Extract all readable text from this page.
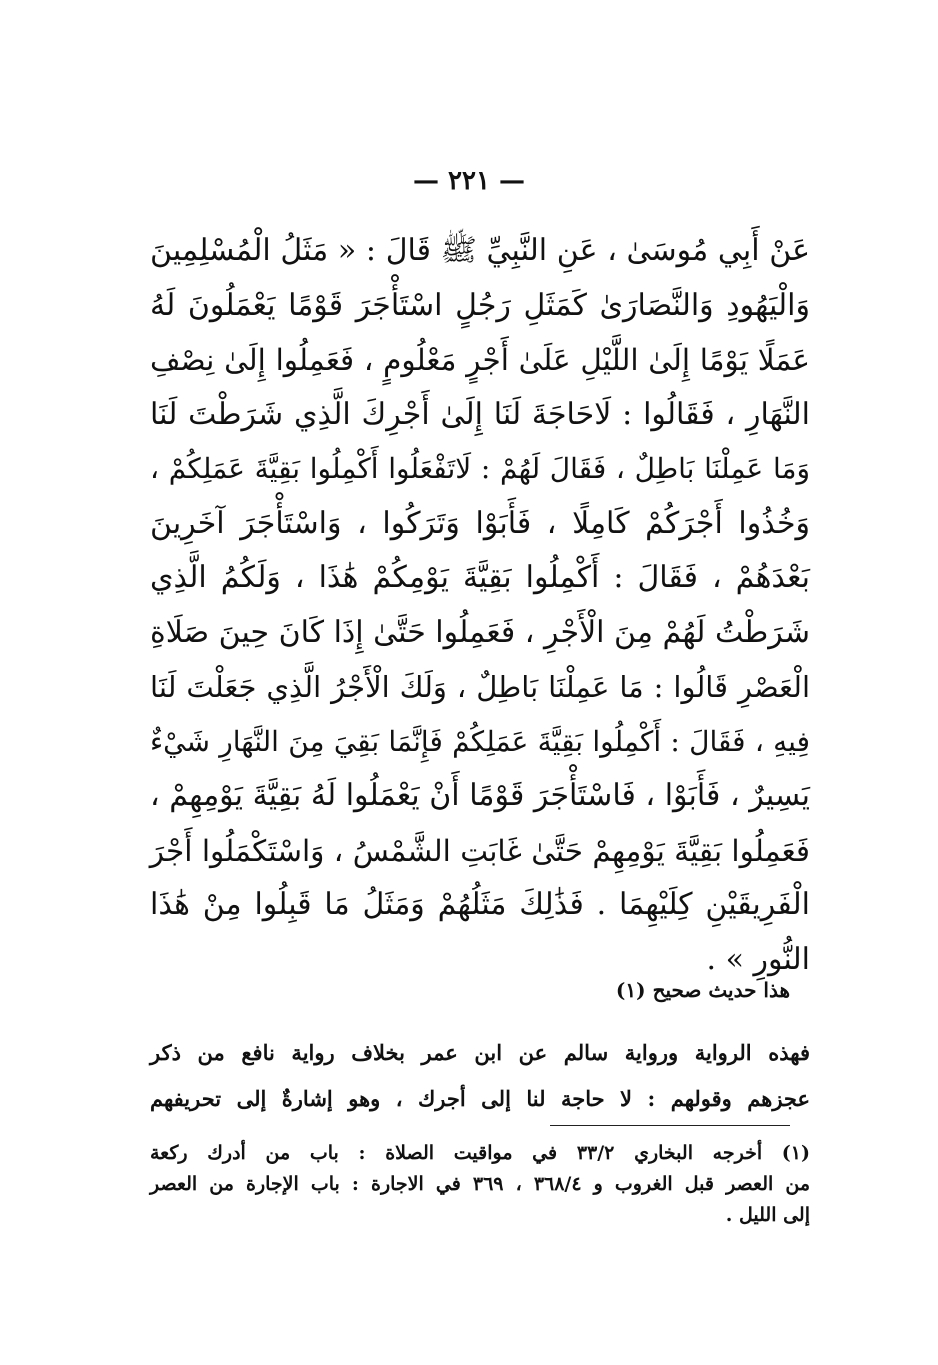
— ٢٢١ —
عَنْ أَبِي مُوسَىٰ ، عَنِ النَّبِيِّ ﷺ قَالَ : « مَثَلُ الْمُسْلِمِينَ
وَالْيَهُودِ وَالنَّصَارَىٰ كَمَثَلِ رَجُلٍ اسْتَأْجَرَ قَوْمًا يَعْمَلُونَ لَهُ
عَمَلًا يَوْمًا إِلَىٰ اللَّيْلِ عَلَىٰ أَجْرٍ مَعْلُومٍ ، فَعَمِلُوا إِلَىٰ نِصْفِ
النَّهَارِ ، فَقَالُوا : لَاحَاجَةَ لَنَا إِلَىٰ أَجْرِكَ الَّذِي شَرَطْتَ لَنَا
وَمَا عَمِلْنَا بَاطِلٌ ، فَقَالَ لَهُمْ : لَاتَفْعَلُوا أَكْمِلُوا بَقِيَّةَ عَمَلِكُمْ ،
وَخُذُوا أَجْرَكُمْ كَامِلًا ، فَأَبَوْا وَتَرَكُوا ، وَاسْتَأْجَرَ آخَرِينَ
بَعْدَهُمْ ، فَقَالَ : أَكْمِلُوا بَقِيَّةَ يَوْمِكُمْ هَٰذَا ، وَلَكُمُ الَّذِي
شَرَطْتُ لَهُمْ مِنَ الْأَجْرِ ، فَعَمِلُوا حَتَّىٰ إِذَا كَانَ حِينَ صَلَاةِ
الْعَصْرِ قَالُوا : مَا عَمِلْنَا بَاطِلٌ ، وَلَكَ الْأَجْرُ الَّذِي جَعَلْتَ لَنَا
فِيهِ ، فَقَالَ : أَكْمِلُوا بَقِيَّةَ عَمَلِكُمْ فَإِنَّمَا بَقِيَ مِنَ النَّهَارِ شَيْءٌ
يَسِيرٌ ، فَأَبَوْا ، فَاسْتَأْجَرَ قَوْمًا أَنْ يَعْمَلُوا لَهُ بَقِيَّةَ يَوْمِهِمْ ،
فَعَمِلُوا بَقِيَّةَ يَوْمِهِمْ حَتَّىٰ غَابَتِ الشَّمْسُ ، وَاسْتَكْمَلُوا أَجْرَ
الْفَرِيقَيْنِ كِلَيْهِمَا . فَذَٰلِكَ مَثَلُهُمْ وَمَثَلُ مَا قَبِلُوا مِنْ هَٰذَا
النُّورِ » .
هذا حديث صحيح (١)
فهذه الرواية ورواية سالم عن ابن عمر بخلاف رواية نافع من ذكر
عجزهم وقولهم : لا حاجة لنا إلى أجرك ، وهو إشارةٌ إلى تحريفهم
(١) أخرجه البخاري ٣٣/٢ في مواقيت الصلاة : باب من أدرك ركعة
من العصر قبل الغروب و ٣٦٨/٤ ، ٣٦٩ في الاجارة : باب الإجارة من العصر
إلى الليل .
